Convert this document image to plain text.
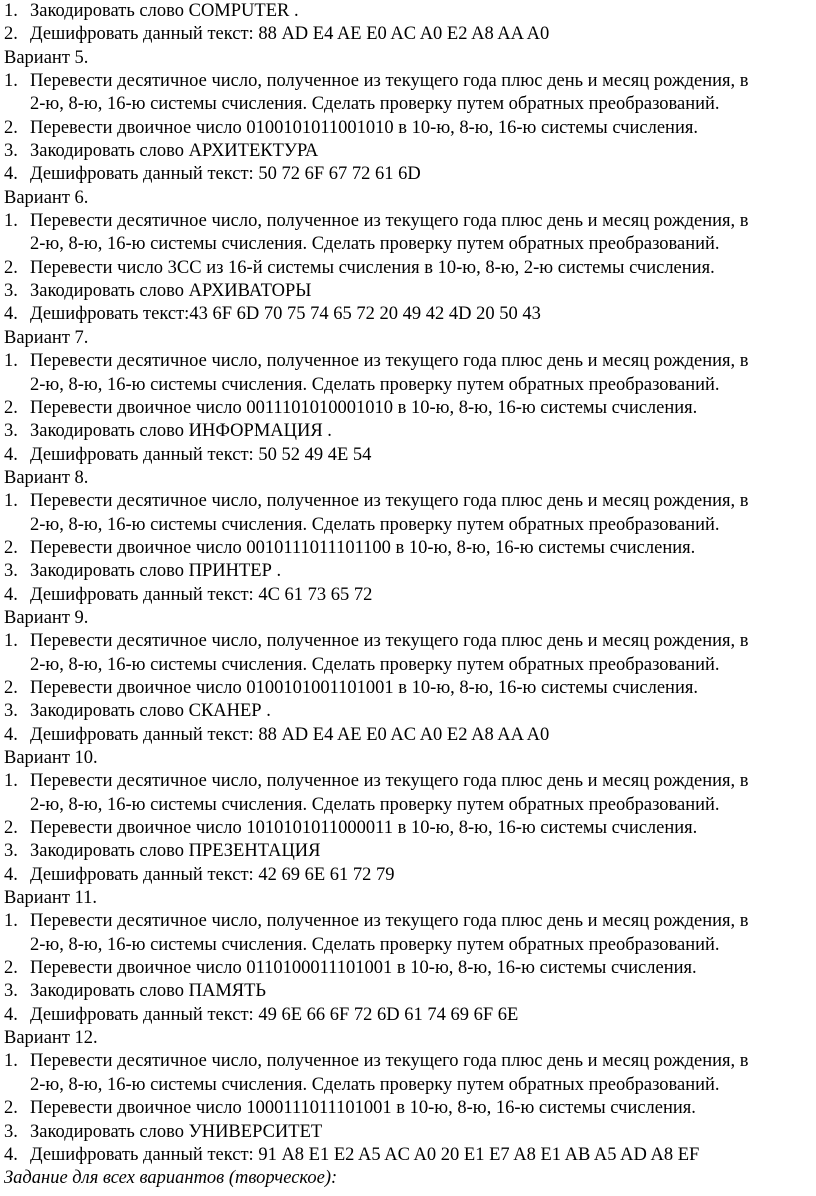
1. Закодировать слово COMPUTER .
2. Дешифровать данный текст: 88 AD E4 AE E0 AC A0 E2 A8 AA A0
Вариант 5.
1. Перевести десятичное число, полученное из текущего года плюс день и месяц рождения, в
2-ю, 8-ю, 16-ю системы счисления. Сделать проверку путем обратных преобразований.
2. Перевести двоичное число 0100101011001010 в 10-ю, 8-ю, 16-ю системы счисления.
3. Закодировать слово АРХИТЕКТУРА
4. Дешифровать данный текст: 50 72 6F 67 72 61 6D
Вариант 6.
1. Перевести десятичное число, полученное из текущего года плюс день и месяц рождения, в
2-ю, 8-ю, 16-ю системы счисления. Сделать проверку путем обратных преобразований.
2. Перевести число 3CC из 16-й системы счисления в 10-ю, 8-ю, 2-ю системы счисления.
3. Закодировать слово АРХИВАТОРЫ
4. Дешифровать текст:43 6F 6D 70 75 74 65 72 20 49 42 4D 20 50 43
Вариант 7.
1. Перевести десятичное число, полученное из текущего года плюс день и месяц рождения, в
2-ю, 8-ю, 16-ю системы счисления. Сделать проверку путем обратных преобразований.
2. Перевести двоичное число 0011101010001010 в 10-ю, 8-ю, 16-ю системы счисления.
3. Закодировать слово ИНФОРМАЦИЯ .
4. Дешифровать данный текст: 50 52 49 4E 54
Вариант 8.
1. Перевести десятичное число, полученное из текущего года плюс день и месяц рождения, в
2-ю, 8-ю, 16-ю системы счисления. Сделать проверку путем обратных преобразований.
2. Перевести двоичное число 0010111011101100 в 10-ю, 8-ю, 16-ю системы счисления.
3. Закодировать слово ПРИНТЕР .
4. Дешифровать данный текст: 4C 61 73 65 72
Вариант 9.
1. Перевести десятичное число, полученное из текущего года плюс день и месяц рождения, в
2-ю, 8-ю, 16-ю системы счисления. Сделать проверку путем обратных преобразований.
2. Перевести двоичное число 0100101001101001 в 10-ю, 8-ю, 16-ю системы счисления.
3. Закодировать слово СКАНЕР .
4. Дешифровать данный текст: 88 AD E4 AE E0 AC A0 E2 A8 AA A0
Вариант 10.
1. Перевести десятичное число, полученное из текущего года плюс день и месяц рождения, в
2-ю, 8-ю, 16-ю системы счисления. Сделать проверку путем обратных преобразований.
2. Перевести двоичное число 1010101011000011 в 10-ю, 8-ю, 16-ю системы счисления.
3. Закодировать слово ПРЕЗЕНТАЦИЯ
4. Дешифровать данный текст: 42 69 6E 61 72 79
Вариант 11.
1. Перевести десятичное число, полученное из текущего года плюс день и месяц рождения, в
2-ю, 8-ю, 16-ю системы счисления. Сделать проверку путем обратных преобразований.
2. Перевести двоичное число 0110100011101001 в 10-ю, 8-ю, 16-ю системы счисления.
3. Закодировать слово ПАМЯТЬ
4. Дешифровать данный текст: 49 6E 66 6F 72 6D 61 74 69 6F 6E
Вариант 12.
1. Перевести десятичное число, полученное из текущего года плюс день и месяц рождения, в
2-ю, 8-ю, 16-ю системы счисления. Сделать проверку путем обратных преобразований.
2. Перевести двоичное число 1000111011101001 в 10-ю, 8-ю, 16-ю системы счисления.
3. Закодировать слово УНИВЕРСИТЕТ
4. Дешифровать данный текст: 91 A8 E1 E2 A5 AC A0 20 E1 E7 A8 E1 AB A5 AD A8 EF
Задание для всех вариантов (творческое):
